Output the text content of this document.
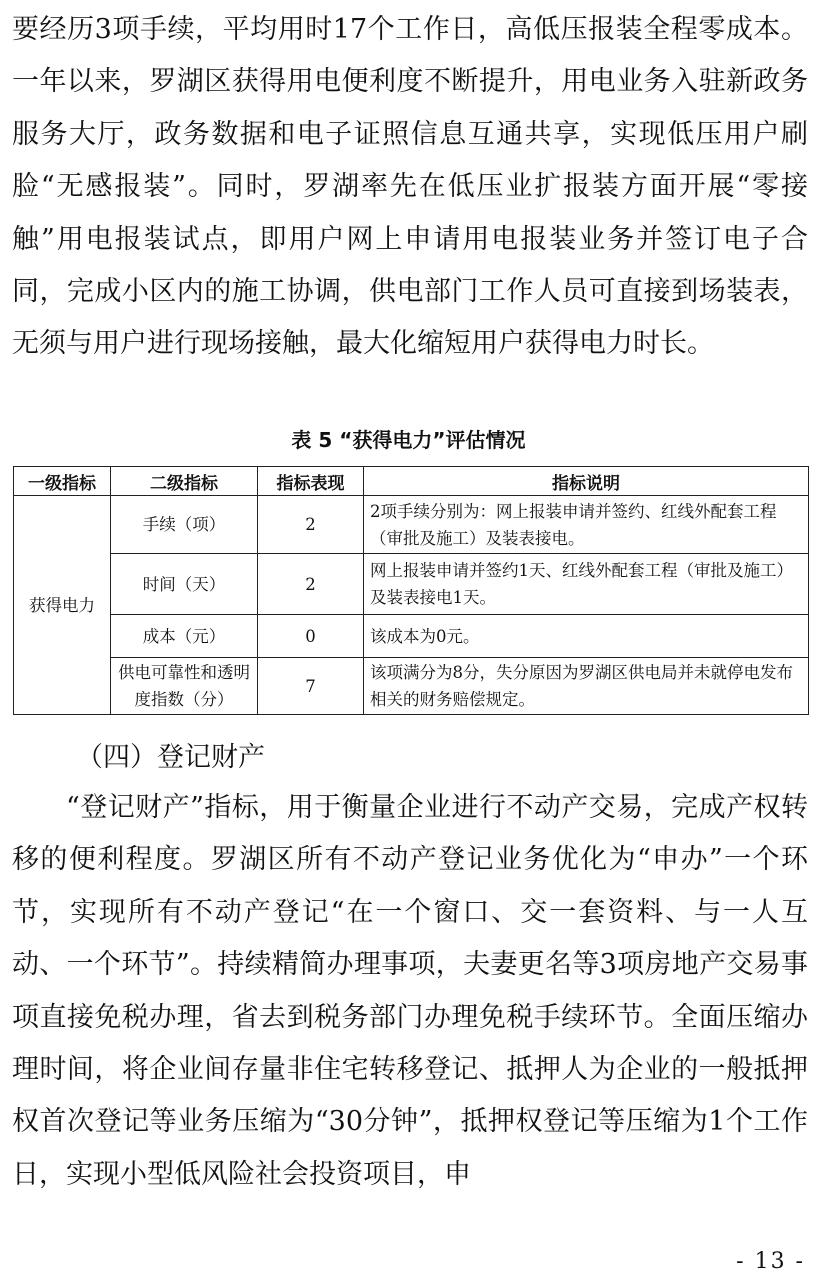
要经历3项手续，平均用时17个工作日，高低压报装全程零成本。一年以来，罗湖区获得用电便利度不断提升，用电业务入驻新政务服务大厅，政务数据和电子证照信息互通共享，实现低压用户刷脸“无感报装”。同时，罗湖率先在低压业扩报装方面开展“零接触”用电报装试点，即用户网上申请用电报装业务并签订电子合同，完成小区内的施工协调，供电部门工作人员可直接到场装表，无须与用户进行现场接触，最大化缩短用户获得电力时长。

表 5 “获得电力”评估情况
一级指标	二级指标	指标表现	指标说明
获得电力	手续（项）	2	2项手续分别为：网上报装申请并签约、红线外配套工程（审批及施工）及装表接电。
	时间（天）	2	网上报装申请并签约1天、红线外配套工程（审批及施工）及装表接电1天。
	成本（元）	0	该成本为0元。
	供电可靠性和透明度指数（分）	7	该项满分为8分，失分原因为罗湖区供电局并未就停电发布相关的财务赔偿规定。

（四）登记财产

“登记财产”指标，用于衡量企业进行不动产交易，完成产权转移的便利程度。罗湖区所有不动产登记业务优化为“申办”一个环节，实现所有不动产登记“在一个窗口、交一套资料、与一人互动、一个环节”。持续精简办理事项，夫妻更名等3项房地产交易事项直接免税办理，省去到税务部门办理免税手续环节。全面压缩办理时间，将企业间存量非住宅转移登记、抵押人为企业的一般抵押权首次登记等业务压缩为“30分钟”，抵押权登记等压缩为1个工作日，实现小型低风险社会投资项目，申

- 13 -
